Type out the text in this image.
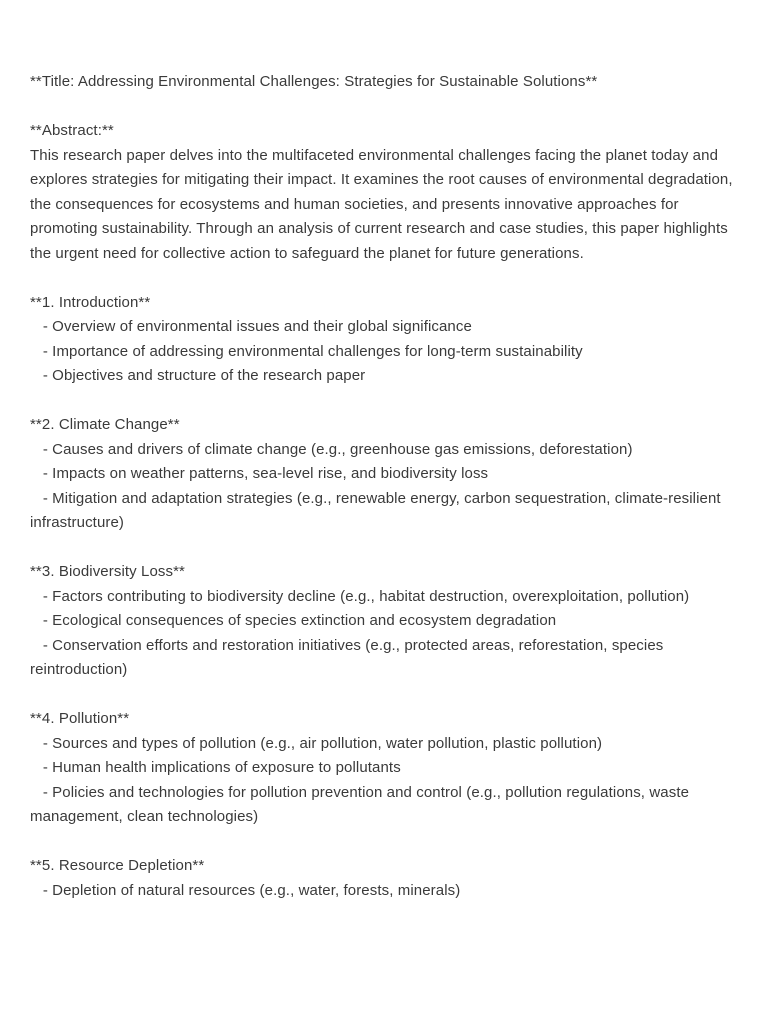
**Title: Addressing Environmental Challenges: Strategies for Sustainable Solutions**

**Abstract:**

This research paper delves into the multifaceted environmental challenges facing the planet today and explores strategies for mitigating their impact. It examines the root causes of environmental degradation, the consequences for ecosystems and human societies, and presents innovative approaches for promoting sustainability. Through an analysis of current research and case studies, this paper highlights the urgent need for collective action to safeguard the planet for future generations.

**1. Introduction**

- Overview of environmental issues and their global significance

- Importance of addressing environmental challenges for long-term sustainability

- Objectives and structure of the research paper

**2. Climate Change**

- Causes and drivers of climate change (e.g., greenhouse gas emissions, deforestation)

- Impacts on weather patterns, sea-level rise, and biodiversity loss

- Mitigation and adaptation strategies (e.g., renewable energy, carbon sequestration, climate-resilient infrastructure)

**3. Biodiversity Loss**

- Factors contributing to biodiversity decline (e.g., habitat destruction, overexploitation, pollution)

- Ecological consequences of species extinction and ecosystem degradation

- Conservation efforts and restoration initiatives (e.g., protected areas, reforestation, species reintroduction)

**4. Pollution**

- Sources and types of pollution (e.g., air pollution, water pollution, plastic pollution)

- Human health implications of exposure to pollutants

- Policies and technologies for pollution prevention and control (e.g., pollution regulations, waste management, clean technologies)

**5. Resource Depletion**

- Depletion of natural resources (e.g., water, forests, minerals)
